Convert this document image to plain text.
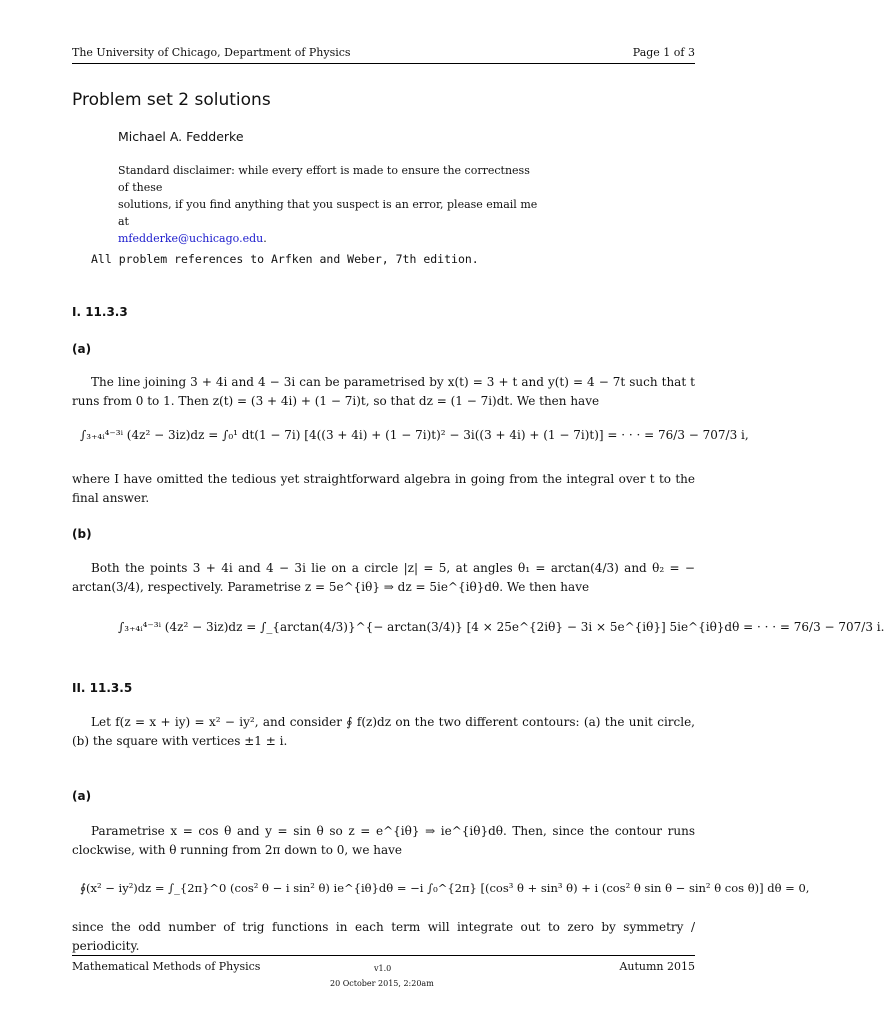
The University of Chicago, Department of Physics	Page 1 of 3
Problem set 2 solutions
Michael A. Fedderke
Standard disclaimer: while every effort is made to ensure the correctness of these
solutions, if you find anything that you suspect is an error, please email me at
mfedderke@uchicago.edu.
All problem references to Arfken and Weber, 7th edition.
I. 11.3.3
(a)
The line joining 3 + 4i and 4 − 3i can be parametrised by x(t) = 3 + t and y(t) = 4 − 7t such that t runs from 0 to 1. Then z(t) = (3 + 4i) + (1 − 7i)t, so that dz = (1 − 7i)dt. We then have
∫₃₊₄ᵢ⁴⁻³ⁱ (4z² − 3iz)dz = ∫₀¹ dt(1 − 7i) [4((3 + 4i) + (1 − 7i)t)² − 3i((3 + 4i) + (1 − 7i)t)] = · · · = 76/3 − 707/3 i,
where I have omitted the tedious yet straightforward algebra in going from the integral over t to the final answer.
(b)
Both the points 3 + 4i and 4 − 3i lie on a circle |z| = 5, at angles θ₁ = arctan(4/3) and θ₂ = − arctan(3/4), respectively. Parametrise z = 5e^{iθ} ⇒ dz = 5ie^{iθ}dθ. We then have
∫₃₊₄ᵢ⁴⁻³ⁱ (4z² − 3iz)dz = ∫_{arctan(4/3)}^{− arctan(3/4)} [4 × 25e^{2iθ} − 3i × 5e^{iθ}] 5ie^{iθ}dθ = · · · = 76/3 − 707/3 i.
II. 11.3.5
Let f(z = x + iy) = x² − iy², and consider ∮ f(z)dz on the two different contours: (a) the unit circle, (b) the square with vertices ±1 ± i.
(a)
Parametrise x = cos θ and y = sin θ so z = e^{iθ} ⇒ ie^{iθ}dθ. Then, since the contour runs clockwise, with θ running from 2π down to 0, we have
∮(x² − iy²)dz = ∫_{2π}^0 (cos² θ − i sin² θ) ie^{iθ}dθ = −i ∫₀^{2π} [(cos³ θ + sin³ θ) + i (cos² θ sin θ − sin² θ cos θ)] dθ = 0,
since the odd number of trig functions in each term will integrate out to zero by symmetry / periodicity.
Mathematical Methods of Physics	v1.0	Autumn 2015
20 October 2015, 2:20am
